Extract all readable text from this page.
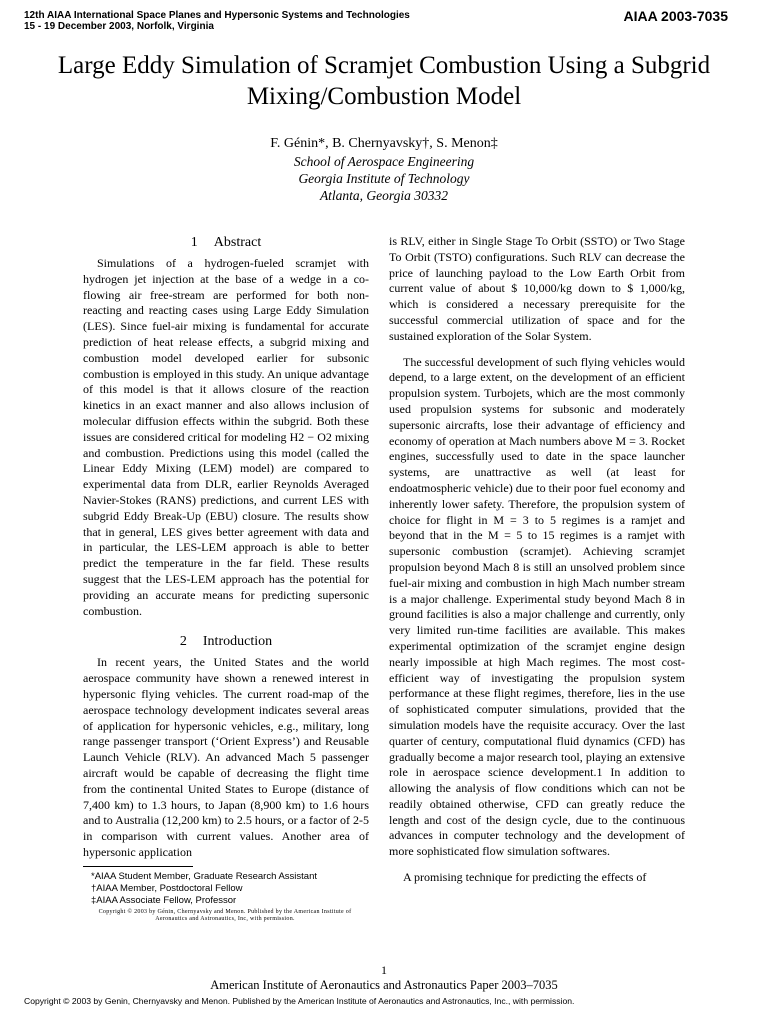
12th AIAA International Space Planes and Hypersonic Systems and Technologies
15 - 19 December 2003, Norfolk, Virginia
AIAA 2003-7035
Large Eddy Simulation of Scramjet Combustion Using a Subgrid Mixing/Combustion Model
F. Génin*, B. Chernyavsky†, S. Menon‡
School of Aerospace Engineering
Georgia Institute of Technology
Atlanta, Georgia 30332
1 Abstract

Simulations of a hydrogen-fueled scramjet with hydrogen jet injection at the base of a wedge in a co-flowing air free-stream are performed for both non-reacting and reacting cases using Large Eddy Simulation (LES). Since fuel-air mixing is fundamental for accurate prediction of heat release effects, a subgrid mixing and combustion model developed earlier for subsonic combustion is employed in this study. An unique advantage of this model is that it allows closure of the reaction kinetics in an exact manner and also allows inclusion of molecular diffusion effects within the subgrid. Both these issues are considered critical for modeling H2 − O2 mixing and combustion. Predictions using this model (called the Linear Eddy Mixing (LEM) model) are compared to experimental data from DLR, earlier Reynolds Averaged Navier-Stokes (RANS) predictions, and current LES with subgrid Eddy Break-Up (EBU) closure. The results show that in general, LES gives better agreement with data and in particular, the LES-LEM approach is able to better predict the temperature in the far field. These results suggest that the LES-LEM approach has the potential for providing an accurate means for predicting supersonic combustion.

2 Introduction

In recent years, the United States and the world aerospace community have shown a renewed interest in hypersonic flying vehicles. The current road-map of the aerospace technology development indicates several areas of application for hypersonic vehicles, e.g., military, long range passenger transport (‘Orient Express’) and Reusable Launch Vehicle (RLV). An advanced Mach 5 passenger aircraft would be capable of decreasing the flight time from the continental United States to Europe (distance of 7,400 km) to 1.3 hours, to Japan (8,900 km) to 1.6 hours and to Australia (12,200 km) to 2.5 hours, or a factor of 2-5 in comparison with current values. Another area of hypersonic application

is RLV, either in Single Stage To Orbit (SSTO) or Two Stage To Orbit (TSTO) configurations. Such RLV can decrease the price of launching payload to the Low Earth Orbit from current value of about $ 10,000/kg down to $ 1,000/kg, which is considered a necessary prerequisite for the successful commercial utilization of space and for the sustained exploration of the Solar System.

The successful development of such flying vehicles would depend, to a large extent, on the development of an efficient propulsion system. Turbojets, which are the most commonly used propulsion systems for subsonic and moderately supersonic aircrafts, lose their advantage of efficiency and economy of operation at Mach numbers above M = 3. Rocket engines, successfully used to date in the space launcher systems, are unattractive as well (at least for endoatmospheric vehicle) due to their poor fuel economy and inherently lower safety. Therefore, the propulsion system of choice for flight in M = 3 to 5 regimes is a ramjet and beyond that in the M = 5 to 15 regimes is a ramjet with supersonic combustion (scramjet). Achieving scramjet propulsion beyond Mach 8 is still an unsolved problem since fuel-air mixing and combustion in high Mach number stream is a major challenge. Experimental study beyond Mach 8 in ground facilities is also a major challenge and currently, only very limited run-time facilities are available. This makes experimental optimization of the scramjet engine design nearly impossible at high Mach regimes. The most cost-efficient way of investigating the propulsion system performance at these flight regimes, therefore, lies in the use of sophisticated computer simulations, provided that the simulation models have the requisite accuracy. Over the last quarter of century, computational fluid dynamics (CFD) has gradually become a major research tool, playing an extensive role in aerospace science development.1 In addition to allowing the analysis of flow conditions which can not be readily obtained otherwise, CFD can greatly reduce the length and cost of the design cycle, due to the continuous advances in computer technology and the development of more sophisticated flow simulation softwares.

A promising technique for predicting the effects of

*AIAA Student Member, Graduate Research Assistant
†AIAA Member, Postdoctoral Fellow
‡AIAA Associate Fellow, Professor
Copyright © 2003 by Génin, Chernyavsky and Menon. Published by the American Institute of Aeronautics and Astronautics, Inc, with permission.
1
American Institute of Aeronautics and Astronautics Paper 2003–7035
Copyright © 2003 by Genin, Chernyavsky and Menon. Published by the American Institute of Aeronautics and Astronautics, Inc., with permission.
